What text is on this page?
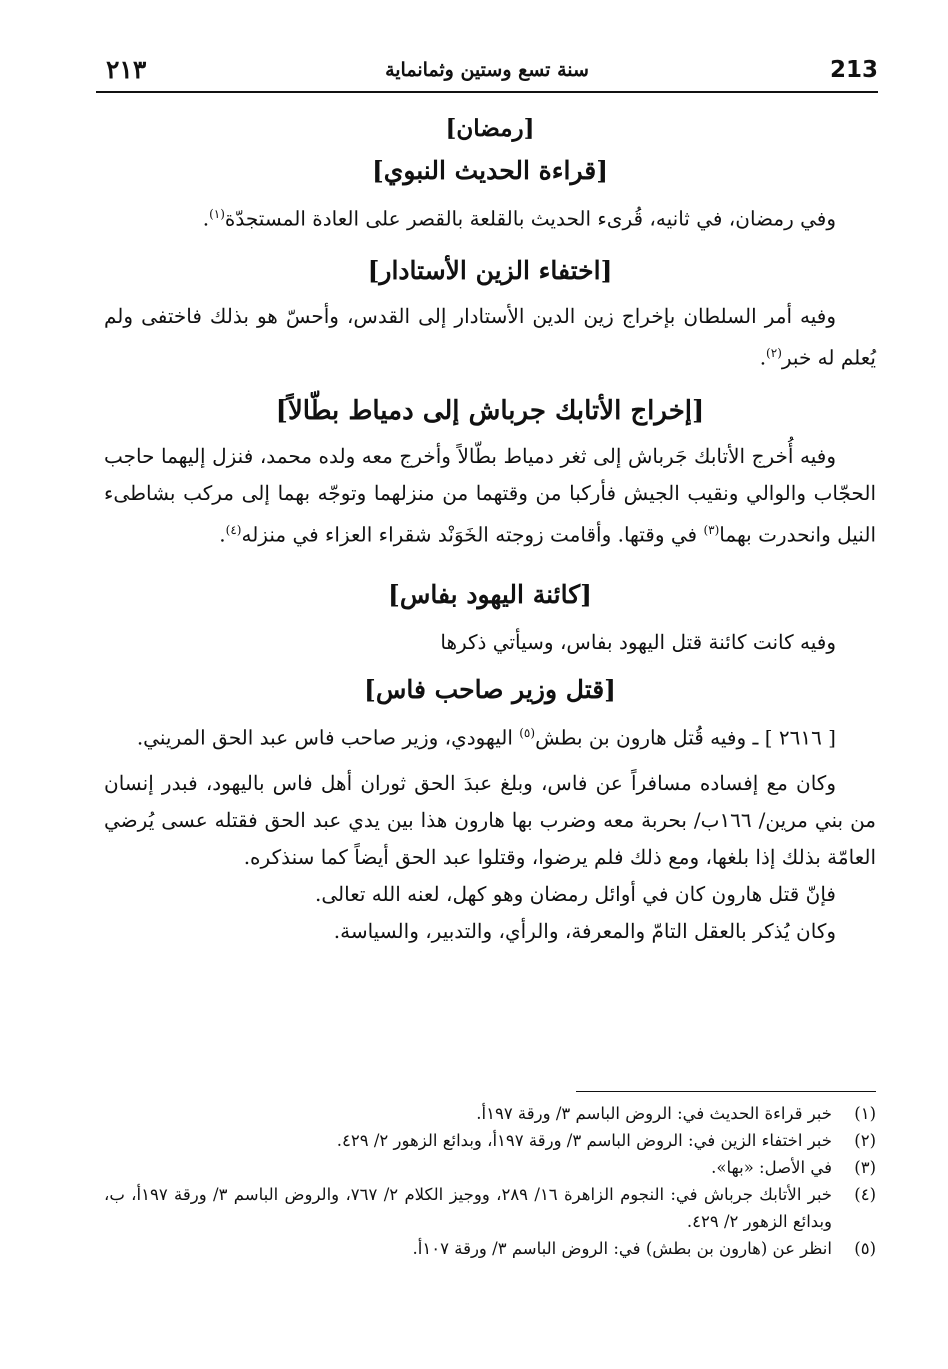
213
سنة تسع وستين وثمانماية
٢١٣

[رمضان]

[قراءة الحديث النبوي]

وفي رمضان، في ثانيه، قُرىء الحديث بالقلعة بالقصر على العادة المستجدّة$^{(١)}$.

[اختفاء الزين الأستادار]

وفيه أمر السلطان بإخراج زين الدين الأستادار إلى القدس، وأحسّ هو بذلك فاختفى ولم يُعلم له خبر$^{(٢)}$.

[إخراج الأتابك جرباش إلى دمياط بطّالاً]

وفيه أُخرج الأتابك جَرباش إلى ثغر دمياط بطّالاً وأخرج معه ولده محمد، فنزل إليهما حاجب الحجّاب والوالي ونقيب الجيش فأركبا من وقتهما من منزلهما وتوجّه بهما إلى مركب بشاطىء النيل وانحدرت بهما$^{(٣)}$ في وقتها. وأقامت زوجته الخَوَنْد شقراء العزاء في منزله$^{(٤)}$.

[كائنة اليهود بفاس]

وفيه كانت كائنة قتل اليهود بفاس، وسيأتي ذكرها

[قتل وزير صاحب فاس]

[ ٢٦١٦ ] ـ وفيه قُتل هارون بن بطش$^{(٥)}$ اليهودي، وزير صاحب فاس عبد الحق المريني.

وكان مع إفساده مسافراً عن فاس، وبلغ عبدَ الحق ثوران أهل فاس باليهود، فبدر إنسان من بني مرين/ ١٦٦ب/ بحربة معه وضرب بها هارون هذا بين يدي عبد الحق فقتله عسى يُرضي العامّة بذلك إذا بلغها، ومع ذلك فلم يرضوا، وقتلوا عبد الحق أيضاً كما سنذكره.

فإنّ قتل هارون كان في أوائل رمضان وهو كهل، لعنه الله تعالى.

وكان يُذكر بالعقل التامّ والمعرفة، والرأي، والتدبير، والسياسة.

(١)
خبر قراءة الحديث في: الروض الباسم ٣/ ورقة ١٩٧أ.
(٢)
خبر اختفاء الزين في: الروض الباسم ٣/ ورقة ١٩٧أ، وبدائع الزهور ٢/ ٤٢٩.
(٣)
في الأصل: «بها».
(٤)
خبر الأتابك جرباش في: النجوم الزاهرة ١٦/ ٢٨٩، ووجيز الكلام ٢/ ٧٦٧، والروض الباسم ٣/ ورقة ١٩٧أ، ب، وبدائع الزهور ٢/ ٤٢٩.
(٥)
انظر عن (هارون بن بطش) في: الروض الباسم ٣/ ورقة ١٠٧أ.
